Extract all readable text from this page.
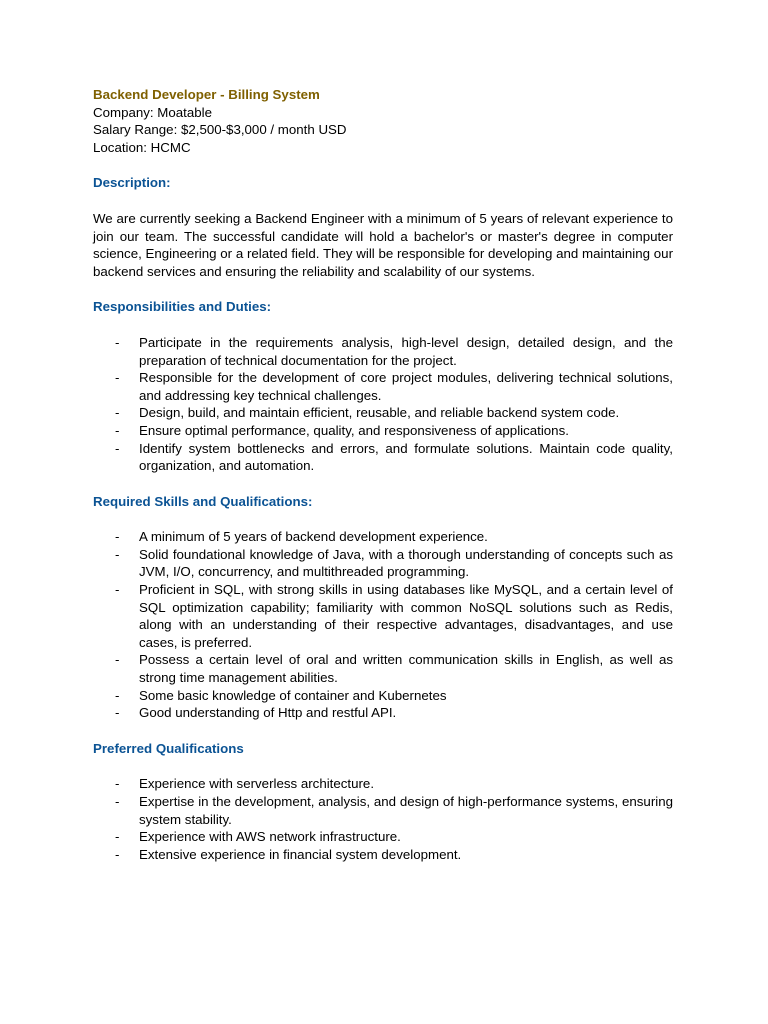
Backend Developer - Billing System
Company: Moatable
Salary Range: $2,500-$3,000 / month USD
Location: HCMC
Description:
We are currently seeking a Backend Engineer with a minimum of 5 years of relevant experience to join our team. The successful candidate will hold a bachelor's or master's degree in computer science, Engineering or a related field. They will be responsible for developing and maintaining our backend services and ensuring the reliability and scalability of our systems.
Responsibilities and Duties:
- Participate in the requirements analysis, high-level design, detailed design, and the preparation of technical documentation for the project.
- Responsible for the development of core project modules, delivering technical solutions, and addressing key technical challenges.
- Design, build, and maintain efficient, reusable, and reliable backend system code.
- Ensure optimal performance, quality, and responsiveness of applications.
- Identify system bottlenecks and errors, and formulate solutions. Maintain code quality, organization, and automation.
Required Skills and Qualifications:
- A minimum of 5 years of backend development experience.
- Solid foundational knowledge of Java, with a thorough understanding of concepts such as JVM, I/O, concurrency, and multithreaded programming.
- Proficient in SQL, with strong skills in using databases like MySQL, and a certain level of SQL optimization capability; familiarity with common NoSQL solutions such as Redis, along with an understanding of their respective advantages, disadvantages, and use cases, is preferred.
- Possess a certain level of oral and written communication skills in English, as well as strong time management abilities.
- Some basic knowledge of container and Kubernetes
- Good understanding of Http and restful API.
Preferred Qualifications
- Experience with serverless architecture.
- Expertise in the development, analysis, and design of high-performance systems, ensuring system stability.
- Experience with AWS network infrastructure.
- Extensive experience in financial system development.
